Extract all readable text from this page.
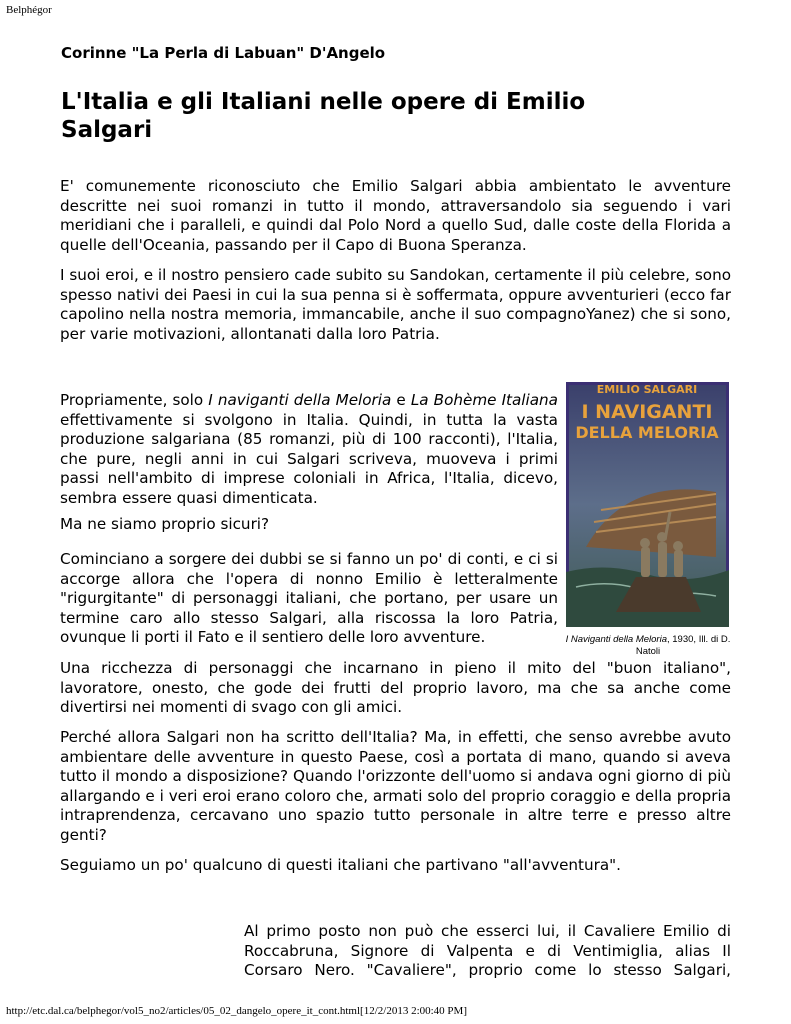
Belphégor
Corinne "La Perla di Labuan" D'Angelo
L'Italia e gli Italiani nelle opere di Emilio Salgari

E' comunemente riconosciuto che Emilio Salgari abbia ambientato le avventure descritte nei suoi romanzi in tutto il mondo, attraversandolo sia seguendo i vari meridiani che i paralleli, e quindi dal Polo Nord a quello Sud, dalle coste della Florida a quelle dell'Oceania, passando per il Capo di Buona Speranza.

I suoi eroi, e il nostro pensiero cade subito su Sandokan, certamente il più celebre, sono spesso nativi dei Paesi in cui la sua penna si è soffermata, oppure avventurieri (ecco far capolino nella nostra memoria, immancabile, anche il suo compagnoYanez) che si sono, per varie motivazioni, allontanati dalla loro Patria.

Propriamente, solo I naviganti della Meloria e La Bohème Italiana effettivamente si svolgono in Italia. Quindi, in tutta la vasta produzione salgariana (85 romanzi, più di 100 racconti), l'Italia, che pure, negli anni in cui Salgari scriveva, muoveva i primi passi nell'ambito di imprese coloniali in Africa, l'Italia, dicevo, sembra essere quasi dimenticata.

Ma ne siamo proprio sicuri?

Cominciano a sorgere dei dubbi se si fanno un po' di conti, e ci si accorge allora che l'opera di nonno Emilio è letteralmente "rigurgitante" di personaggi italiani, che portano, per usare un termine caro allo stesso Salgari, alla riscossa la loro Patria, ovunque li porti il Fato e il sentiero delle loro avventure.

EMILIO SALGARI
I NAVIGANTI
DELLA MELORIA
I Naviganti della Meloria, 1930, Ill. di D. Natoli

Una ricchezza di personaggi che incarnano in pieno il mito del "buon italiano", lavoratore, onesto, che gode dei frutti del proprio lavoro, ma che sa anche come divertirsi nei momenti di svago con gli amici.

Perché allora Salgari non ha scritto dell'Italia? Ma, in effetti, che senso avrebbe avuto ambientare delle avventure in questo Paese, così a portata di mano, quando si aveva tutto il mondo a disposizione? Quando l'orizzonte dell'uomo si andava ogni giorno di più allargando e i veri eroi erano coloro che, armati solo del proprio coraggio e della propria intraprendenza, cercavano uno spazio tutto personale in altre terre e presso altre genti?

Seguiamo un po' qualcuno di questi italiani che partivano "all'avventura".

Al primo posto non può che esserci lui, il Cavaliere Emilio di Roccabruna, Signore di Valpenta e di Ventimiglia, alias Il Corsaro Nero. "Cavaliere", proprio come lo stesso Salgari,

http://etc.dal.ca/belphegor/vol5_no2/articles/05_02_dangelo_opere_it_cont.html[12/2/2013 2:00:40 PM]
